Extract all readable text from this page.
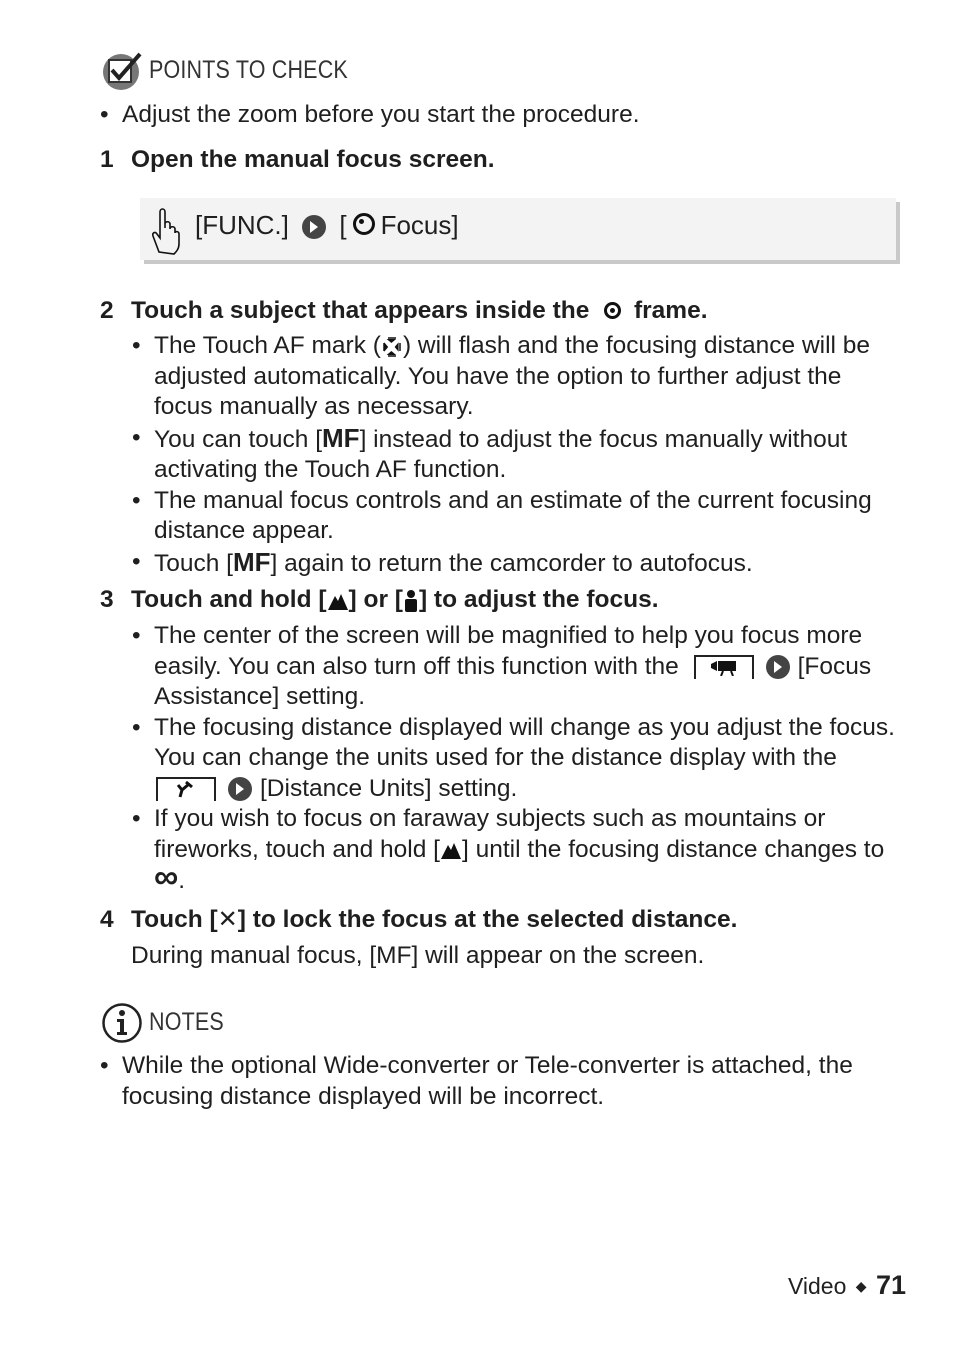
POINTS TO CHECK
• Adjust the zoom before you start the procedure.
1 Open the manual focus screen.
[FUNC.] [ Focus]
2 Touch a subject that appears inside the frame.
• The Touch AF mark ( ) will flash and the focusing distance will be
adjusted automatically. You have the option to further adjust the
focus manually as necessary.
• You can touch [MF] instead to adjust the focus manually without
activating the Touch AF function.
• The manual focus controls and an estimate of the current focusing
distance appear.
• Touch [MF] again to return the camcorder to autofocus.
3 Touch and hold [ ] or [ ] to adjust the focus.
• The center of the screen will be magnified to help you focus more
easily. You can also turn off this function with the	[Focus
Assistance] setting.
• The focusing distance displayed will change as you adjust the focus.
You can change the units used for the distance display with the
[Distance Units] setting.
• If you wish to focus on faraway subjects such as mountains or
fireworks, touch and hold [ ] until the focusing distance changes to
∞.
4 Touch [✕] to lock the focus at the selected distance.
During manual focus, [MF] will appear on the screen.
NOTES
• While the optional Wide-converter or Tele-converter is attached, the
focusing distance displayed will be incorrect.
Video ◆ 71
